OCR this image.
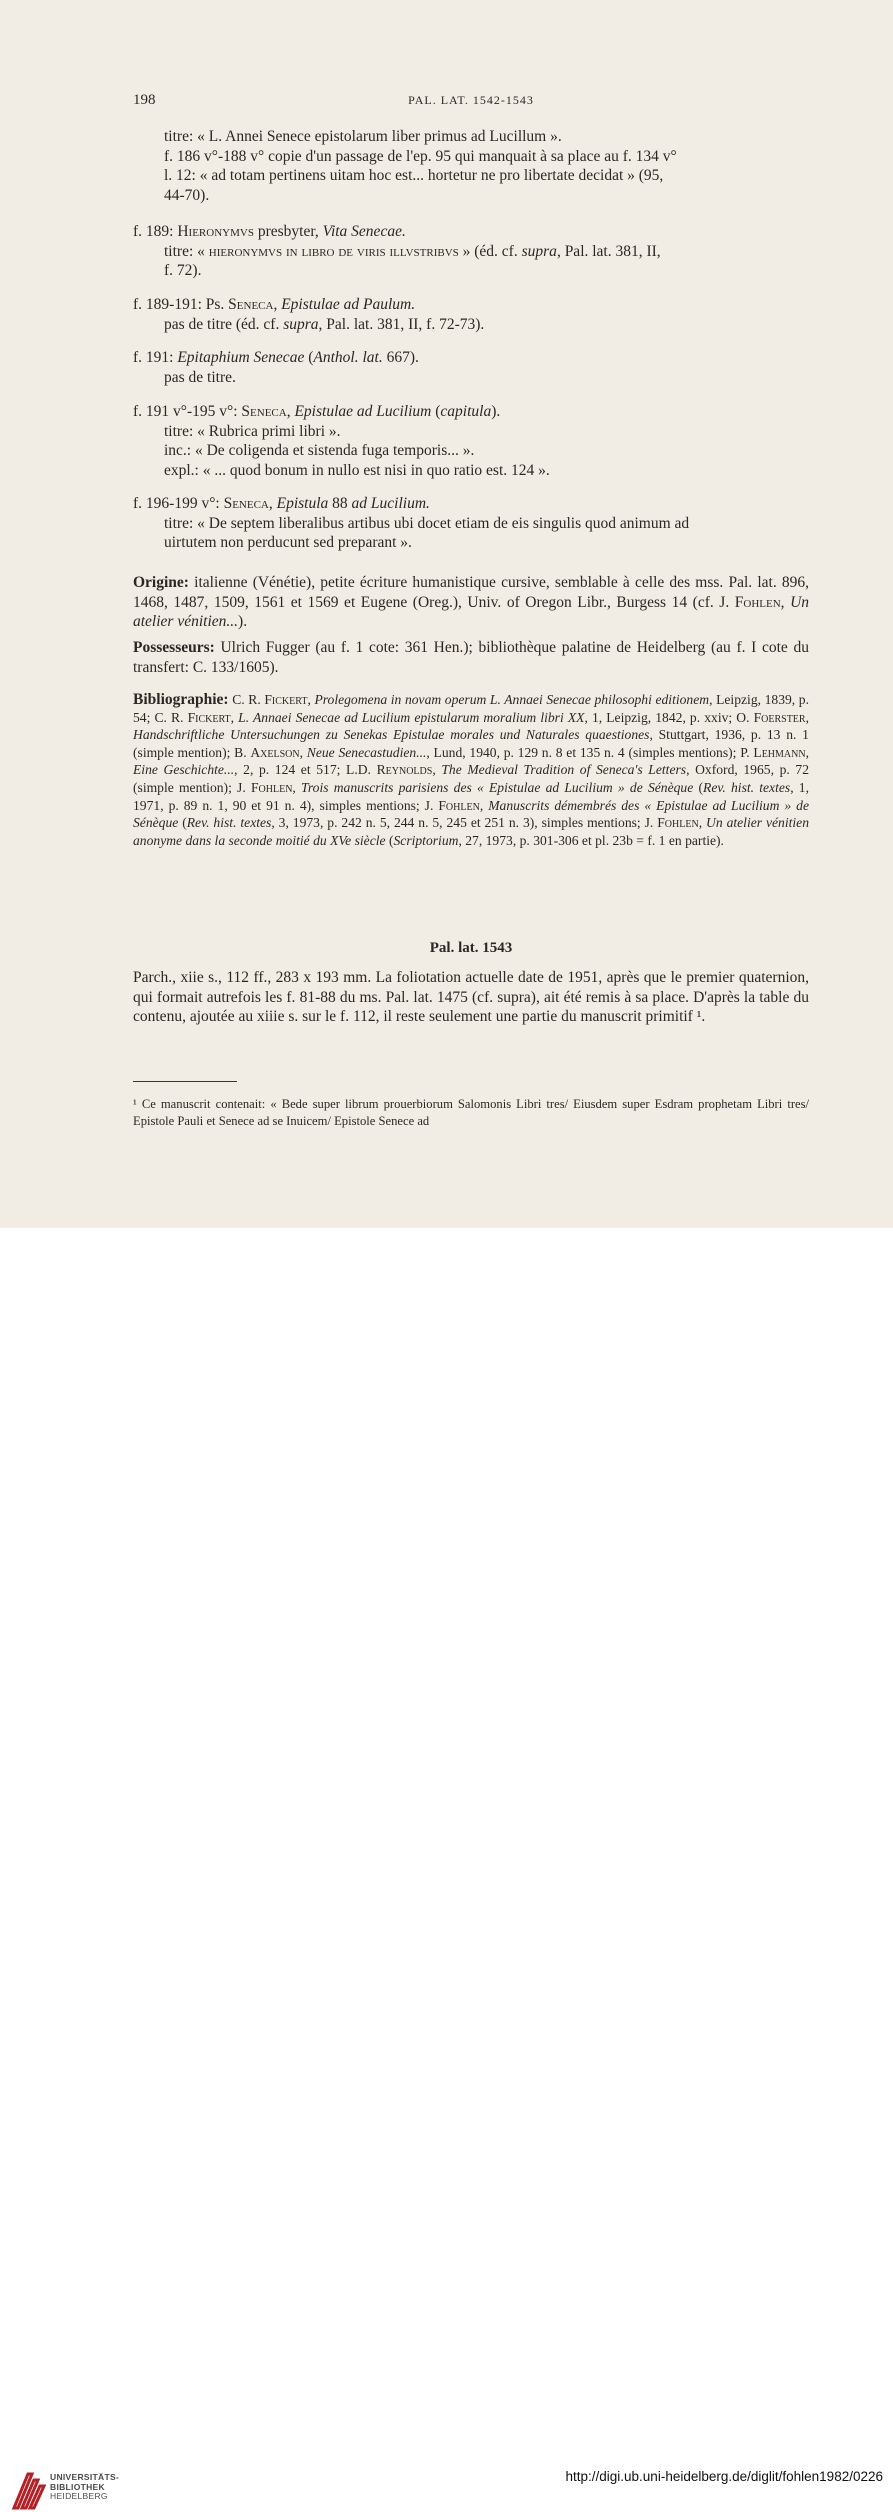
198	PAL. LAT. 1542-1543
titre: « L. Annei Senece epistolarum liber primus ad Lucillum ».
f. 186 v°-188 v° copie d'un passage de l'ep. 95 qui manquait à sa place au f. 134 v°
l. 12: « ad totam pertinens uitam hoc est... hortetur ne pro libertate decidat » (95,
44-70).
f. 189: Hieronymvs presbyter, Vita Senecae.
titre: « hieronymvs in libro de viris illvstribvs » (éd. cf. supra, Pal. lat. 381, II,
f. 72).
f. 189-191: Ps. Seneca, Epistulae ad Paulum.
pas de titre (éd. cf. supra, Pal. lat. 381, II, f. 72-73).
f. 191: Epitaphium Senecae (Anthol. lat. 667).
pas de titre.
f. 191 v°-195 v°: Seneca, Epistulae ad Lucilium (capitula).
titre: « Rubrica primi libri ».
inc.: « De coligenda et sistenda fuga temporis... ».
expl.: « ... quod bonum in nullo est nisi in quo ratio est. 124 ».
f. 196-199 v°: Seneca, Epistula 88 ad Lucilium.
titre: « De septem liberalibus artibus ubi docet etiam de eis singulis quod animum ad
uirtutem non perducunt sed preparant ».
Origine: italienne (Vénétie), petite écriture humanistique cursive, semblable à celle des mss. Pal. lat. 896, 1468, 1487, 1509, 1561 et 1569 et Eugene (Oreg.), Univ. of Oregon Libr., Burgess 14 (cf. J. Fohlen, Un atelier vénitien...).
Possesseurs: Ulrich Fugger (au f. 1 cote: 361 Hen.); bibliothèque palatine de Heidelberg (au f. I cote du transfert: C. 133/1605).
Bibliographie: C. R. Fickert, Prolegomena in novam operum L. Annaei Senecae philosophi editionem, Leipzig, 1839, p. 54; C. R. Fickert, L. Annaei Senecae ad Lucilium epistularum moralium libri XX, 1, Leipzig, 1842, p. xxiv; O. Foerster, Handschriftliche Untersuchungen zu Senekas Epistulae morales und Naturales quaestiones, Stuttgart, 1936, p. 13 n. 1 (simple mention); B. Axelson, Neue Senecastudien..., Lund, 1940, p. 129 n. 8 et 135 n. 4 (simples mentions); P. Lehmann, Eine Geschichte..., 2, p. 124 et 517; L.D. Reynolds, The Medieval Tradition of Seneca's Letters, Oxford, 1965, p. 72 (simple mention); J. Fohlen, Trois manuscrits parisiens des « Epistulae ad Lucilium » de Sénèque (Rev. hist. textes, 1, 1971, p. 89 n. 1, 90 et 91 n. 4), simples mentions; J. Fohlen, Manuscrits démembrés des « Epistulae ad Lucilium » de Sénèque (Rev. hist. textes, 3, 1973, p. 242 n. 5, 244 n. 5, 245 et 251 n. 3), simples mentions; J. Fohlen, Un atelier vénitien anonyme dans la seconde moitié du XVe siècle (Scriptorium, 27, 1973, p. 301-306 et pl. 23b = f. 1 en partie).
Pal. lat. 1543
Parch., xiie s., 112 ff., 283 x 193 mm. La foliotation actuelle date de 1951, après que le premier quaternion, qui formait autrefois les f. 81-88 du ms. Pal. lat. 1475 (cf. supra), ait été remis à sa place. D'après la table du contenu, ajoutée au xiiie s. sur le f. 112, il reste seulement une partie du manuscrit primitif ¹.
¹ Ce manuscrit contenait: « Bede super librum prouerbiorum Salomonis Libri tres/ Eiusdem super Esdram prophetam Libri tres/ Epistole Pauli et Senece ad se Inuicem/ Epistole Senece ad
UNIVERSITÄTS-
BIBLIOTHEK
HEIDELBERG
http://digi.ub.uni-heidelberg.de/diglit/fohlen1982/0226
